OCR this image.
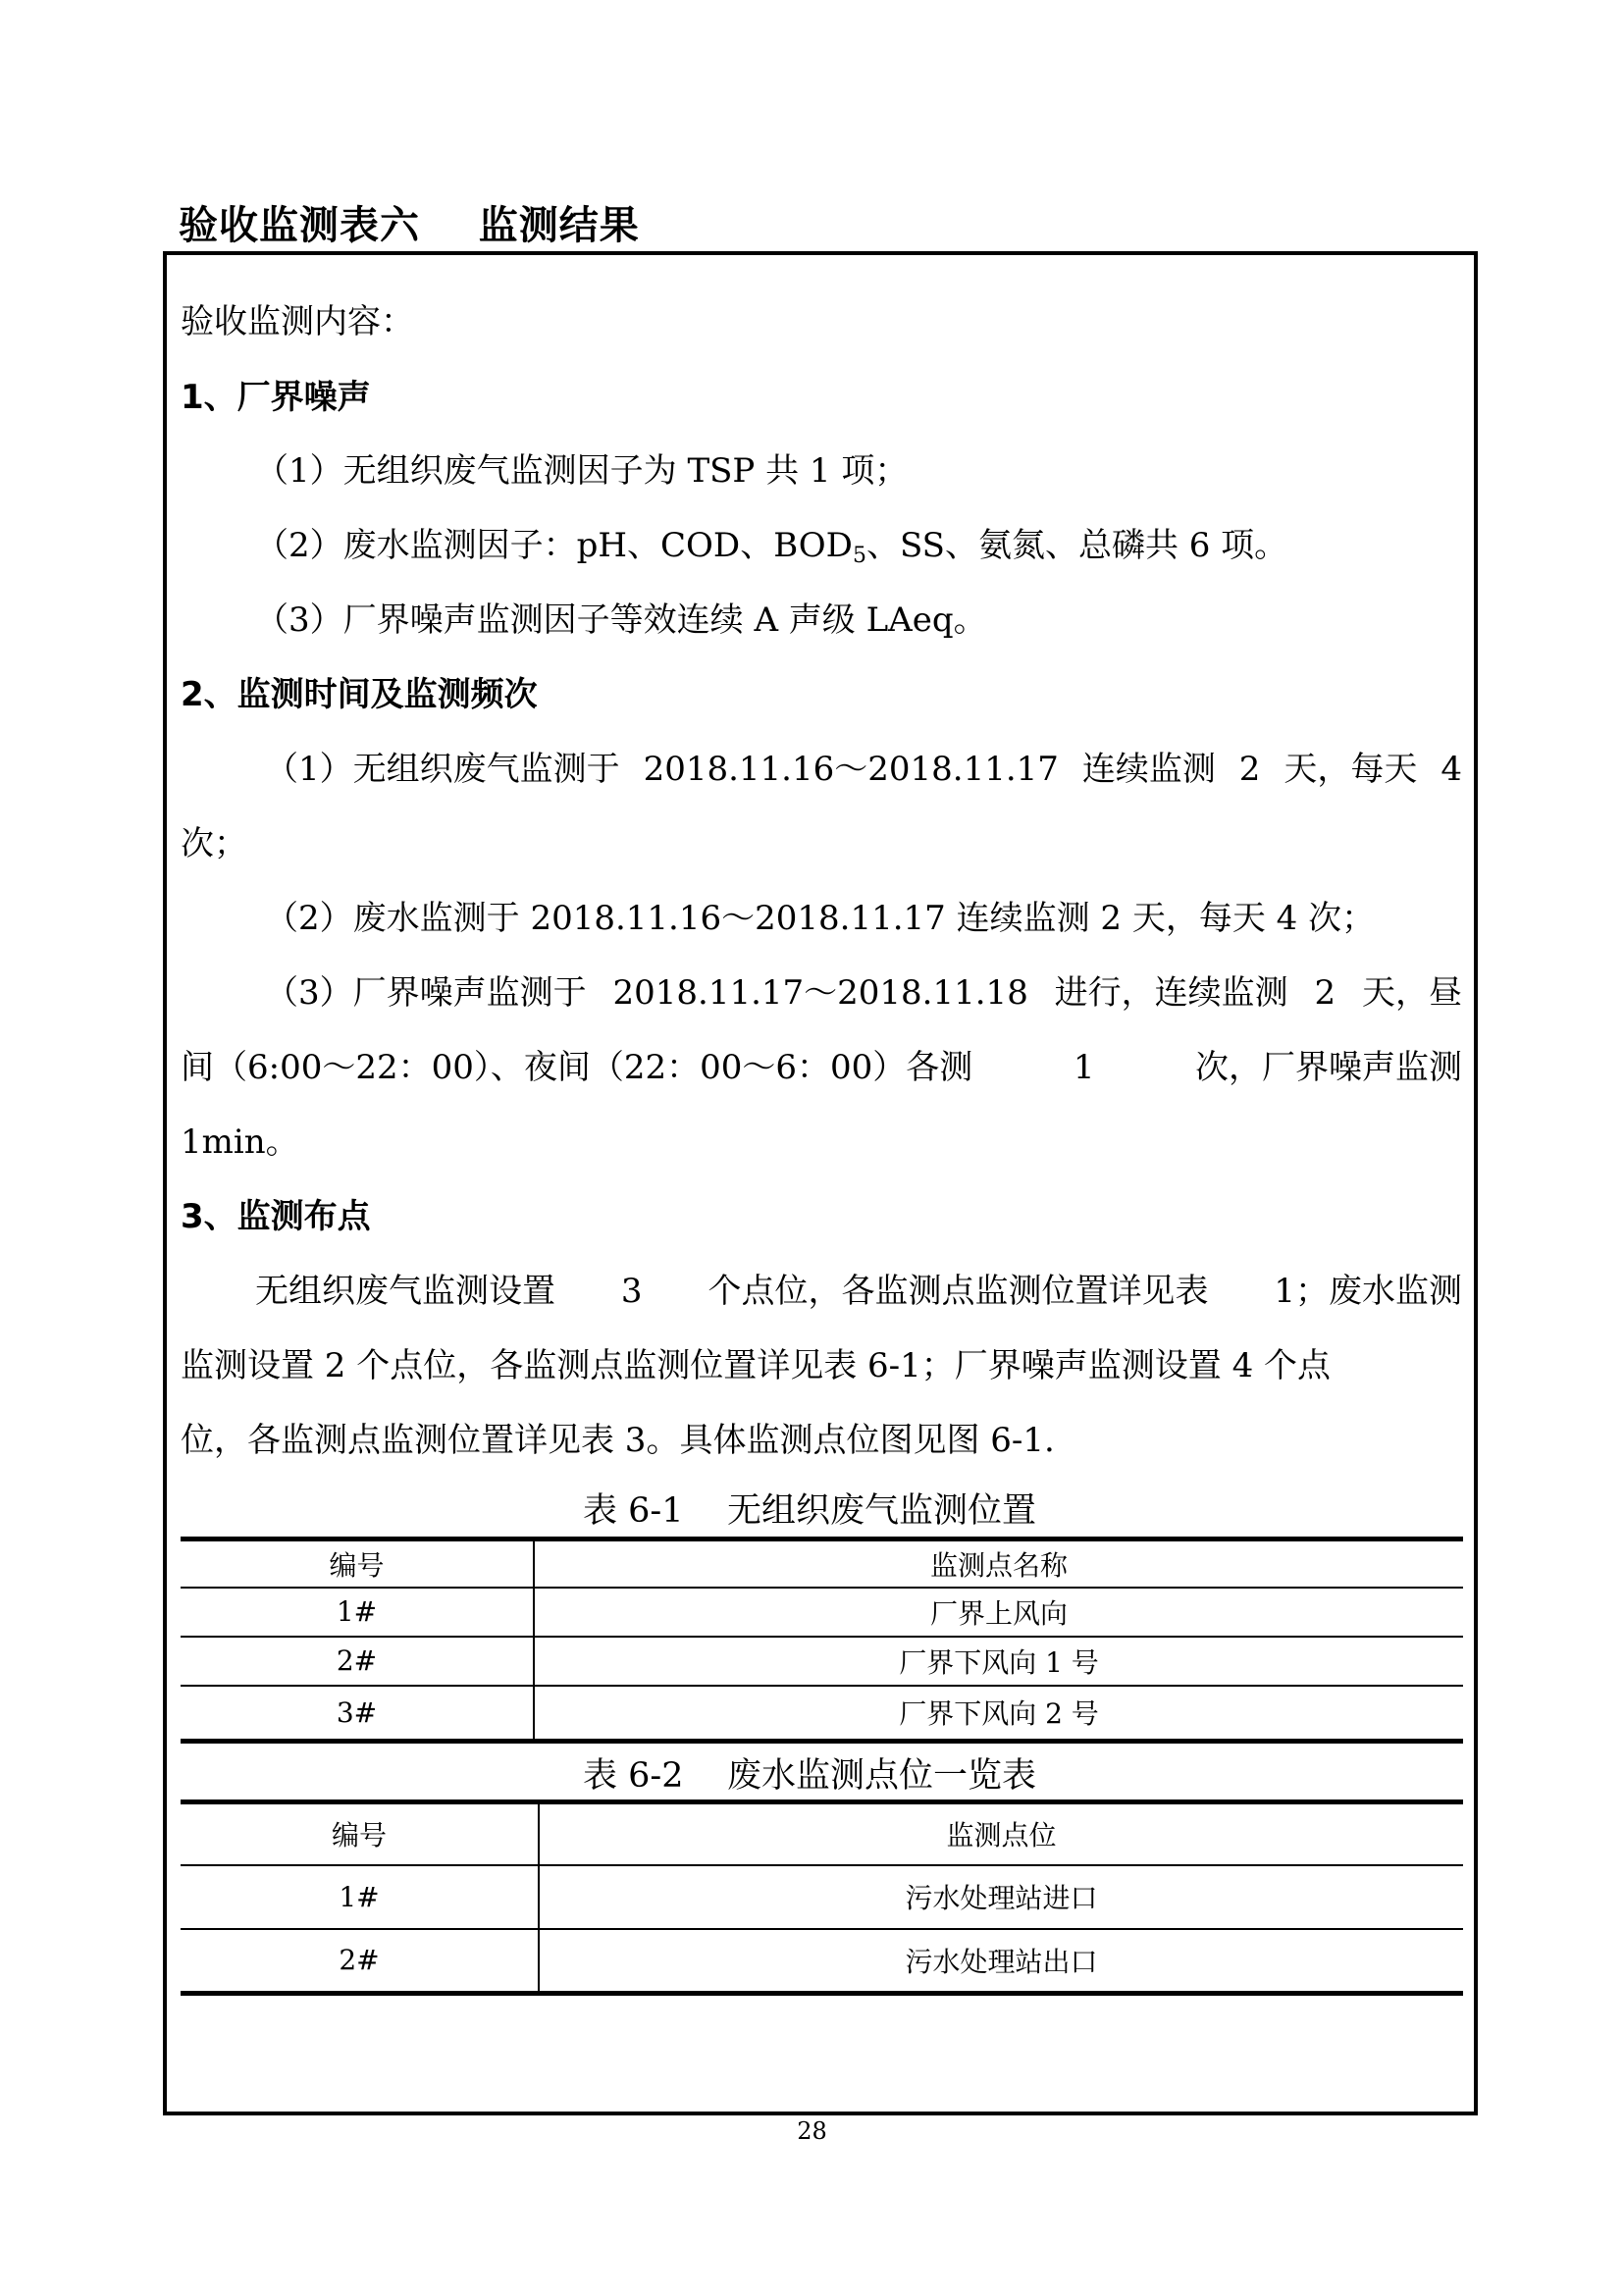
验收监测表六    监测结果
验收监测内容：
1、厂界噪声
（1）无组织废气监测因子为 TSP 共 1 项；
（2）废水监测因子：pH、COD、$BOD_5$、SS、氨氮、总磷共 6 项。
（3）厂界噪声监测因子等效连续 A 声级 LAeq。
2、监测时间及监测频次
（1）无组织废气监测于 2018.11.16～2018.11.17 连续监测 2 天，每天 4
次；
（2）废水监测于 2018.11.16～2018.11.17 连续监测 2 天，每天 4 次；
（3）厂界噪声监测于 2018.11.17～2018.11.18 进行，连续监测 2 天，昼
间（6:00～22：00）、夜间（22：00～6：00）各测	1	次，厂界噪声监测
1min。
3、监测布点
无组织废气监测设置 3 个点位，各监测点监测位置详见表 1；废水监测
监测设置 2 个点位，各监测点监测位置详见表 6-1；厂界噪声监测设置 4 个点
位，各监测点监测位置详见表 3。具体监测点位图见图 6-1.
表 6-1    无组织废气监测位置
编号	监测点名称
1#	厂界上风向
2#	厂界下风向 1 号
3#	厂界下风向 2 号
表 6-2    废水监测点位一览表
编号	监测点位
1#	污水处理站进口
2#	污水处理站出口
28
